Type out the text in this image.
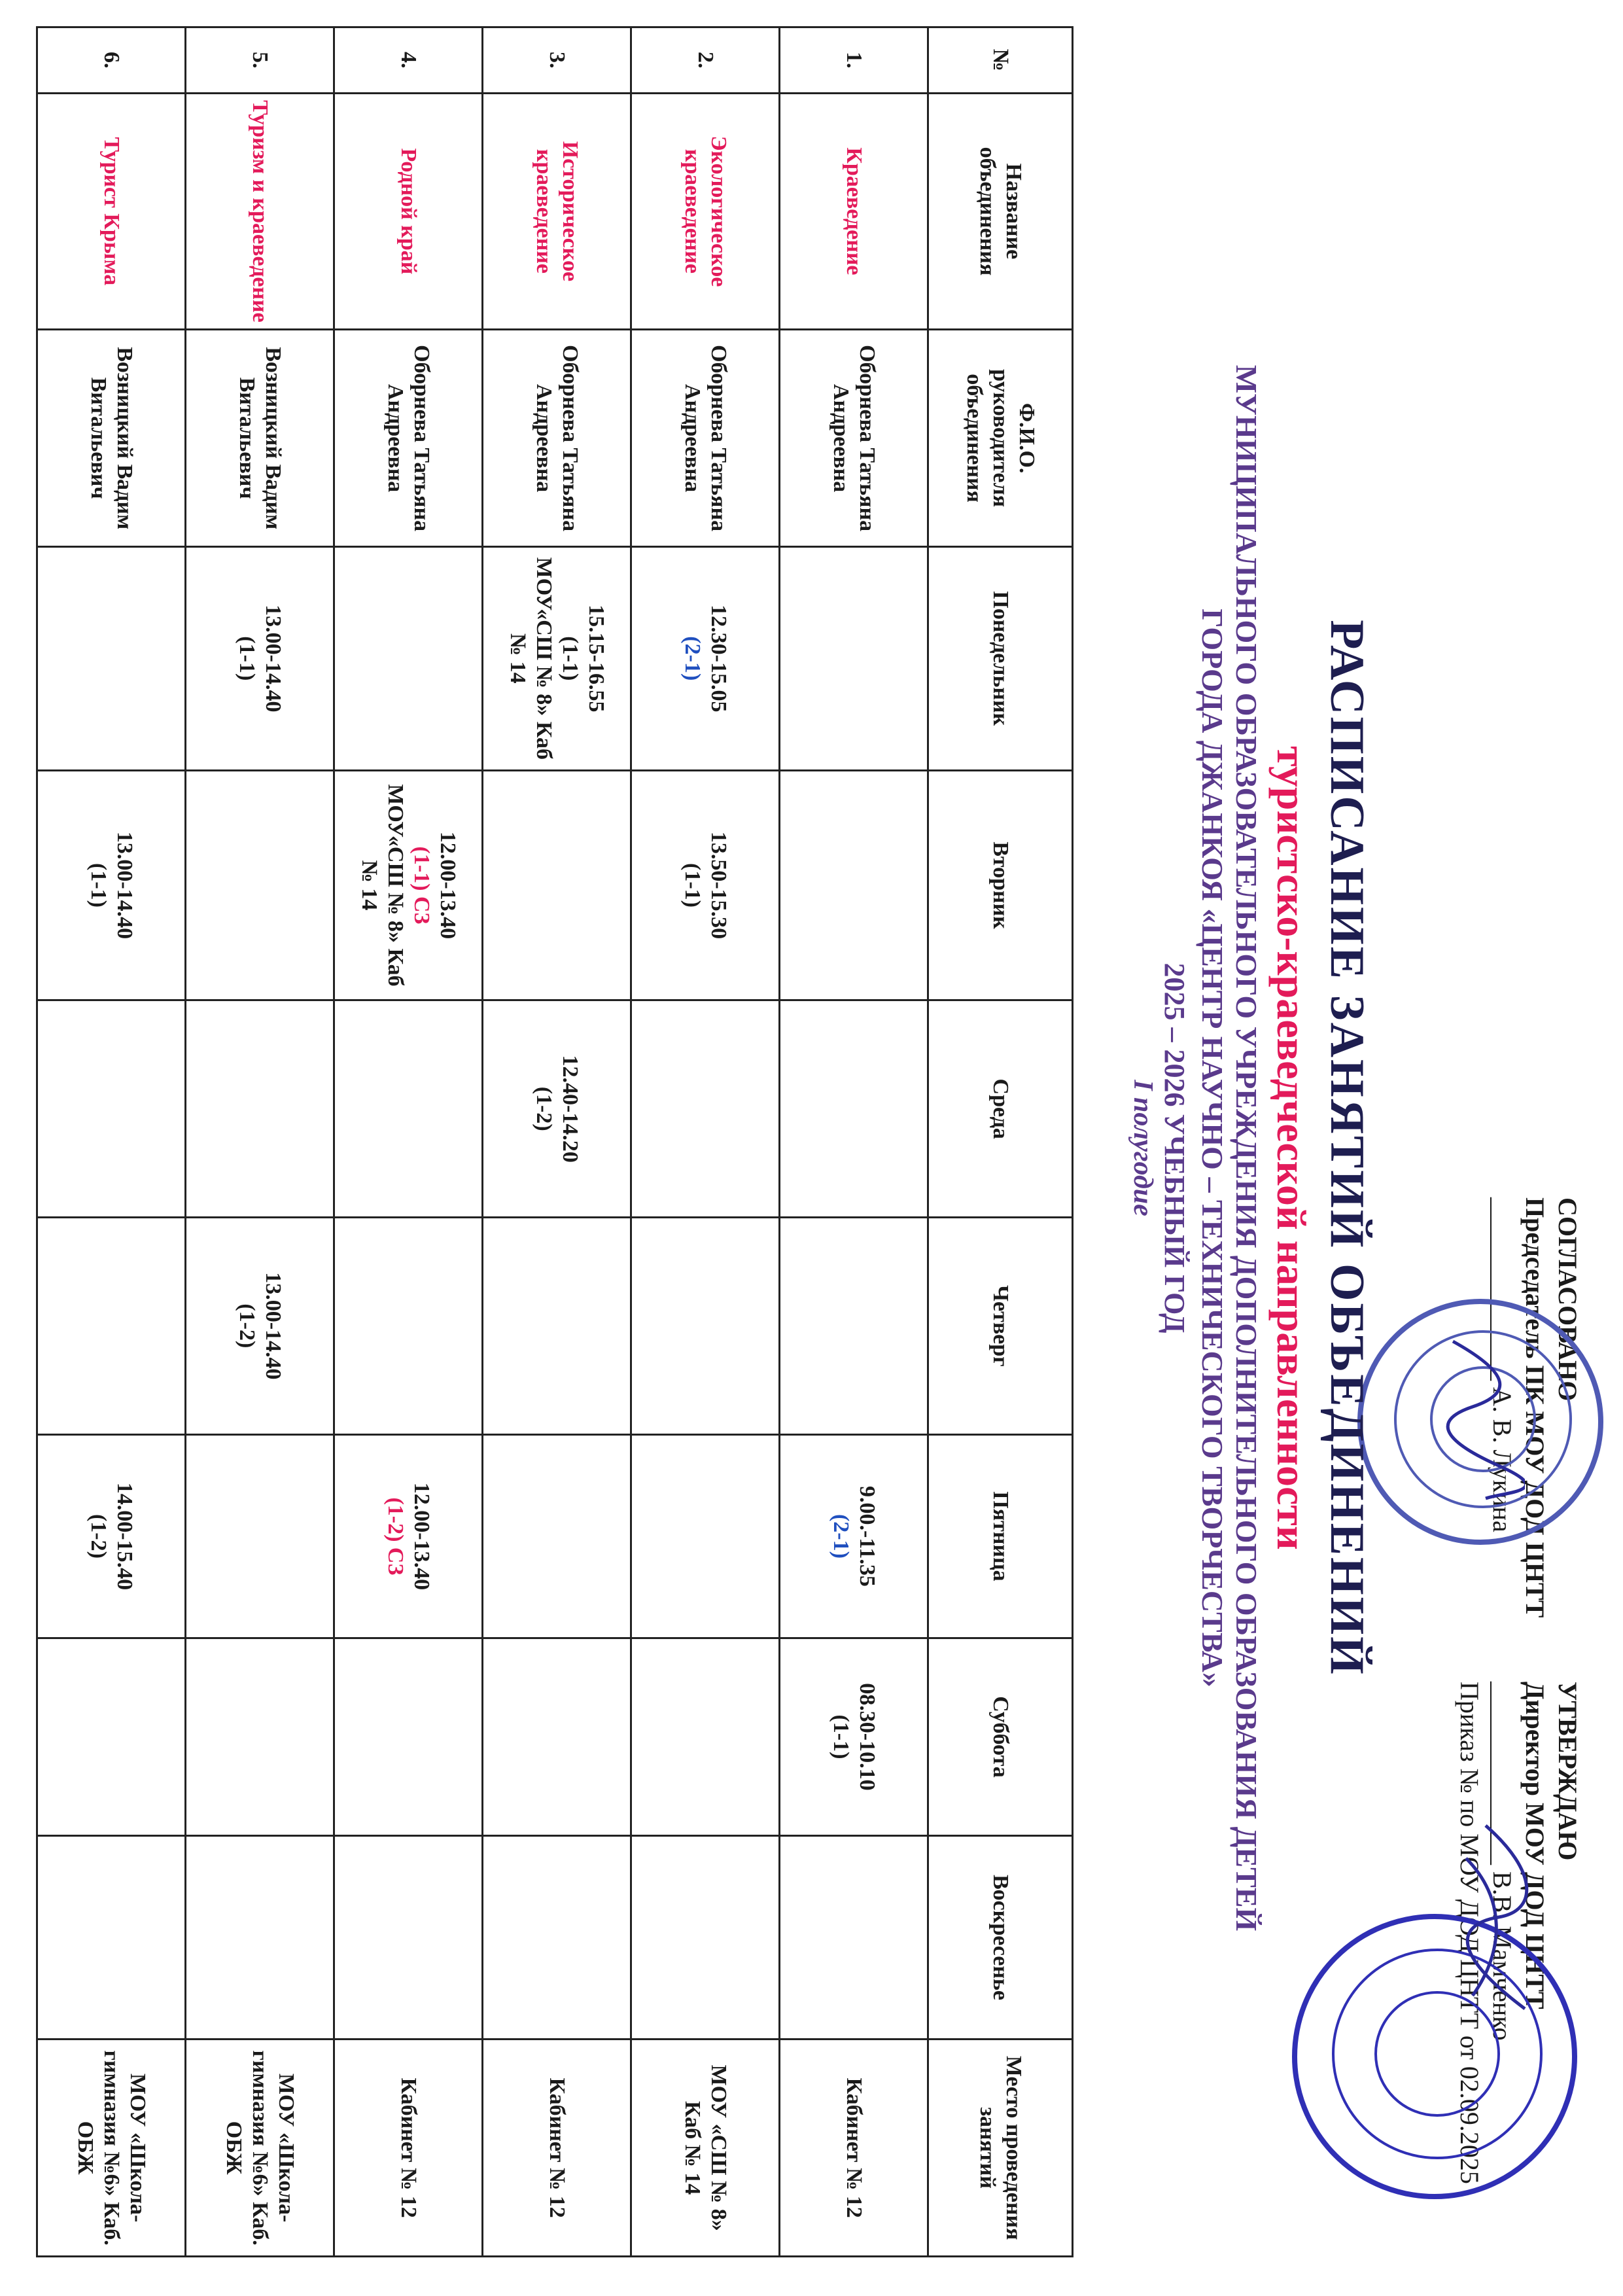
СОГЛАСОВАНО
Председатель ПК МОУ ДОД ЦНТТ
______________ А. В. Лукина
УТВЕРЖДАЮ
Директор МОУ ДОД ЦНТТ
______________ В.В. Мамченко
Приказ № по МОУ ДОД ЦНТТ от 02.09.2025
РАСПИСАНИЕ ЗАНЯТИЙ ОБЪЕДИНЕНИЙ
туристско-краеведческой направленности
МУНИЦИПАЛЬНОГО ОБРАЗОВАТЕЛЬНОГО УЧРЕЖДЕНИЯ ДОПОЛНИТЕЛЬНОГО ОБРАЗОВАНИЯ ДЕТЕЙ
ГОРОДА ДЖАНКОЯ «ЦЕНТР НАУЧНО – ТЕХНИЧЕСКОГО ТВОРЧЕСТВА»
2025 – 2026 УЧЕБНЫЙ ГОД
I полугодие
№	Название объединения	Ф.И.О. руководителя объединения	Понедельник	Вторник	Среда	Четверг	Пятница	Суббота	Воскресенье	Место проведения занятий
1.	Краеведение	Оборнева Татьяна Андреевна					9.00.-11.35
(2-1)	08.30-10.10
(1-1)		Кабинет № 12
2.	Экологическое краеведение	Оборнева Татьяна Андреевна	12.30-15.05
(2-1)	13.50-15.30
(1-1)						МОУ «СШ № 8» Каб № 14
3.	Историческое краеведение	Оборнева Татьяна Андреевна	15.15-16.55
(1-1)
МОУ«СШ № 8» Каб № 14		12.40-14.20
(1-2)					Кабинет № 12
4.	Родной край	Оборнева Татьяна Андреевна		12.00-13.40
(1-1) СЗ
МОУ«СШ № 8» Каб № 14			12.00-13.40
(1-2) СЗ			Кабинет № 12
5.	Туризм и краеведение	Возницкий Вадим Витальевич	13.00-14.40
(1-1)			13.00-14.40
(1-2)				МОУ «Школа-гимназия №6» Каб. ОБЖ
6.	Турист Крыма	Возницкий Вадим Витальевич		13.00-14.40
(1-1)			14.00-15.40
(1-2)			МОУ «Школа-гимназия №6» Каб. ОБЖ
